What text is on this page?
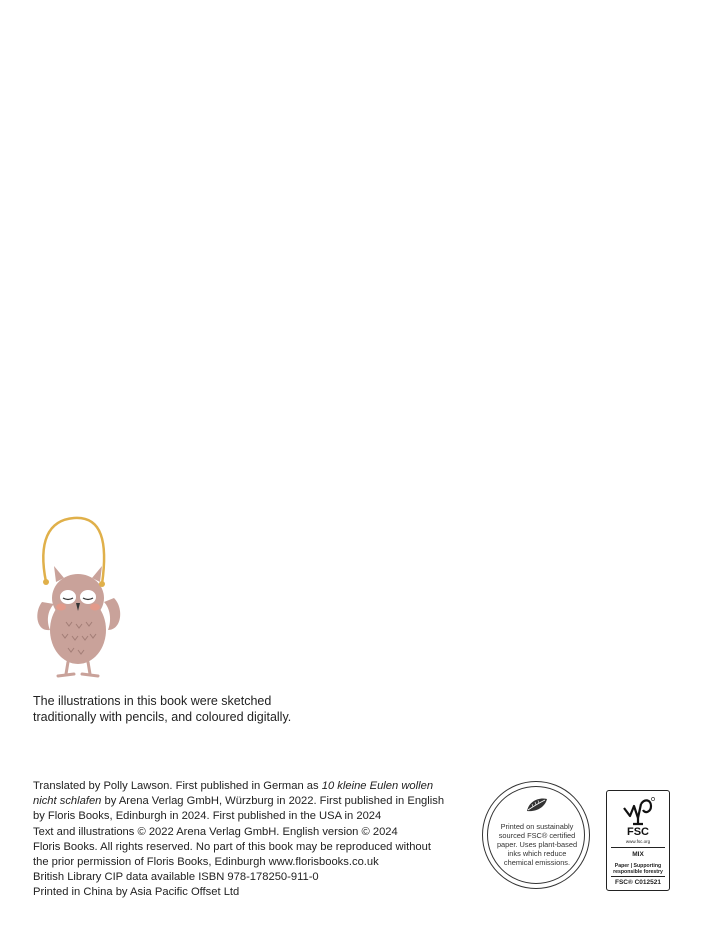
The illustrations in this book were sketched

traditionally with pencils, and coloured digitally.

Translated by Polly Lawson. First published in German as 10 kleine Eulen wollen

nicht schlafen by Arena Verlag GmbH, Würzburg in 2022. First published in English

by Floris Books, Edinburgh in 2024. First published in the USA in 2024

Text and illustrations © 2022 Arena Verlag GmbH. English version © 2024

Floris Books. All rights reserved. No part of this book may be reproduced without

the prior permission of Floris Books, Edinburgh www.florisbooks.co.uk

British Library CIP data available ISBN 978-178250-911-0

Printed in China by Asia Pacific Offset Ltd

Printed on sustainably sourced FSC® certified paper. Uses plant-based inks which reduce chemical emissions.
FSC
www.fsc.org
MIX
Paper | Supporting responsible forestry
FSC® C012521
